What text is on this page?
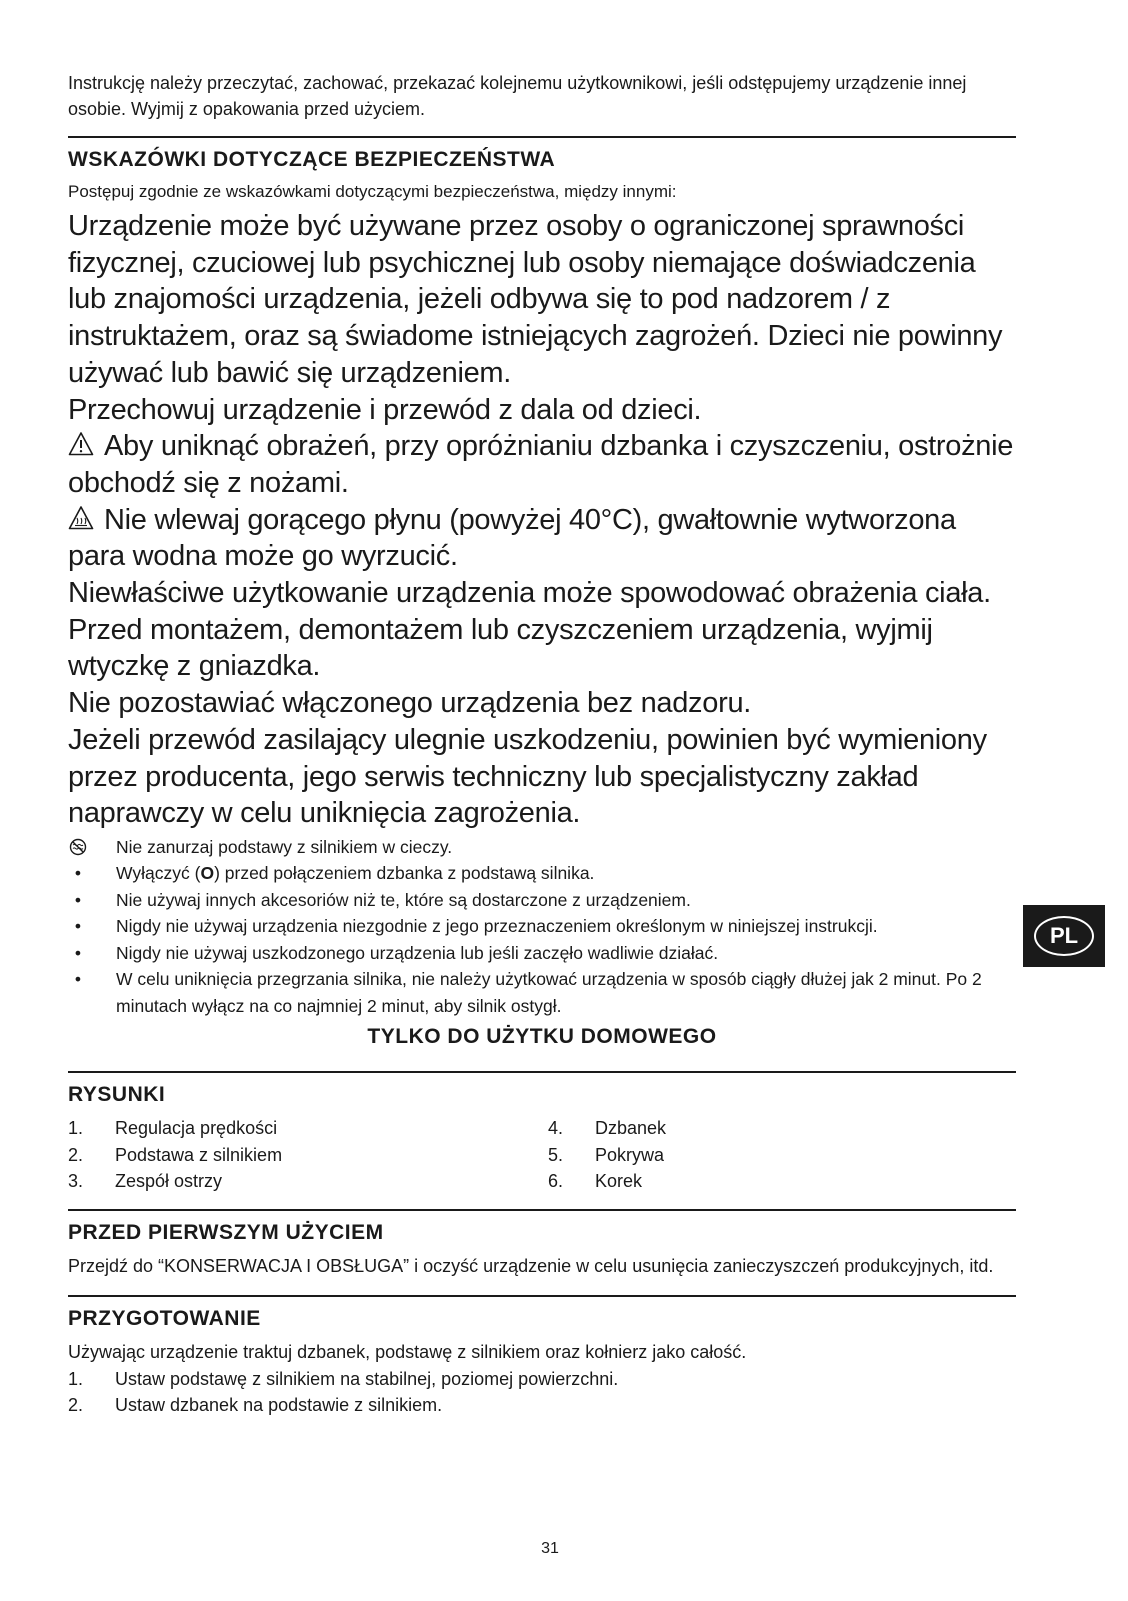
Instrukcję należy przeczytać, zachować, przekazać kolejnemu użytkownikowi, jeśli odstępujemy urządzenie innej osobie. Wyjmij z opakowania przed użyciem.

WSKAZÓWKI DOTYCZĄCE BEZPIECZEŃSTWA

Postępuj zgodnie ze wskazówkami dotyczącymi bezpieczeństwa, między innymi:

Urządzenie może być używane przez osoby o ograniczonej sprawności fizycznej, czuciowej lub psychicznej lub osoby niemające doświadczenia lub znajomości urządzenia, jeżeli odbywa się to pod nadzorem / z instruktażem, oraz są świadome istniejących zagrożeń. Dzieci nie powinny używać lub bawić się urządzeniem.

Przechowuj urządzenie i przewód z dala od dzieci.

Aby uniknąć obrażeń, przy opróżnianiu dzbanka i czyszczeniu, ostrożnie obchodź się z nożami.

Nie wlewaj gorącego płynu (powyżej 40°C), gwałtownie wytworzona para wodna może go wyrzucić.

Niewłaściwe użytkowanie urządzenia może spowodować obrażenia ciała.

Przed montażem, demontażem lub czyszczeniem urządzenia, wyjmij wtyczkę z gniazdka.

Nie pozostawiać włączonego urządzenia bez nadzoru.

Jeżeli przewód zasilający ulegnie uszkodzeniu, powinien być wymieniony przez producenta, jego serwis techniczny lub specjalistyczny zakład naprawczy w celu uniknięcia zagrożenia.

Nie zanurzaj podstawy z silnikiem w cieczy.
•	Wyłączyć (O) przed połączeniem dzbanka z podstawą silnika.
•	Nie używaj innych akcesoriów niż te, które są dostarczone z urządzeniem.
•	Nigdy nie używaj urządzenia niezgodnie z jego przeznaczeniem określonym w niniejszej instrukcji.
•	Nigdy nie używaj uszkodzonego urządzenia lub jeśli zaczęło wadliwie działać.
•	W celu uniknięcia przegrzania silnika, nie należy użytkować urządzenia w sposób ciągły dłużej jak 2 minut. Po 2 minutach wyłącz na co najmniej 2 minut, aby silnik ostygł.
TYLKO DO UŻYTKU DOMOWEGO
RYSUNKI
1.	Regulacja prędkości
2.	Podstawa z silnikiem
3.	Zespół ostrzy
4.	Dzbanek
5.	Pokrywa
6.	Korek
PRZED PIERWSZYM UŻYCIEM

Przejdź do “KONSERWACJA I OBSŁUGA” i oczyść urządzenie w celu usunięcia zanieczyszczeń produkcyjnych, itd.

PRZYGOTOWANIE

Używając urządzenie traktuj dzbanek, podstawę z silnikiem oraz kołnierz jako całość.

1.	Ustaw podstawę z silnikiem na stabilnej, poziomej powierzchni.
2.	Ustaw dzbanek na podstawie z silnikiem.
PL
31
